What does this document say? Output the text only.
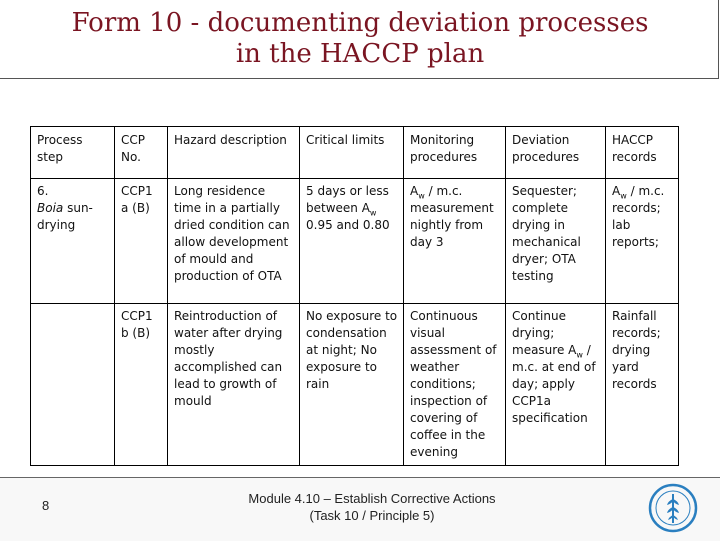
Form 10 - documenting deviation processes
in the HACCP plan
Process step	CCP No.	Hazard description	Critical limits	Monitoring procedures	Deviation procedures	HACCP records
6.
Boia sun-drying	CCP1 a (B)	Long residence time in a partially dried condition can allow development of mould and production of OTA	5 days or less between $A_w$ 0.95 and 0.80	$A_w / m.c$. measurement nightly from day 3	Sequester; complete drying in mechanical dryer; OTA testing	$A_w / m.c$. records; lab reports;
	CCP1 b (B)	Reintroduction of water after drying mostly accomplished can lead to growth of mould	No exposure to condensation at night; No exposure to rain	Continuous visual assessment of weather conditions; inspection of covering of coffee in the evening	Continue drying; measure $A_w / m.c$. at end of day; apply CCP1a specification	Rainfall records; drying yard records
8	Module 4.10 – Establish Corrective Actions
(Task 10 / Principle 5)
